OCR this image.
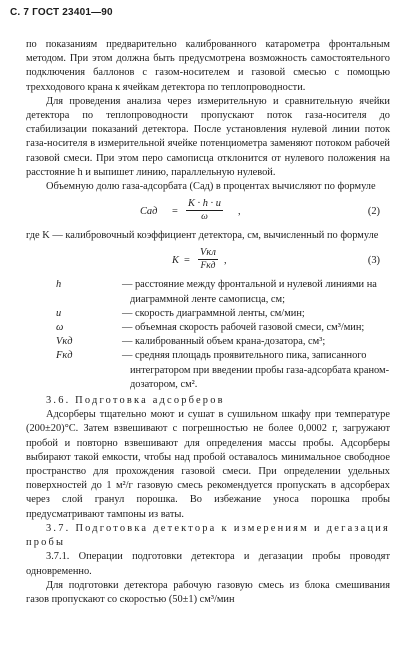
С. 7 ГОСТ 23401—90

по показаниям предварительно калиброванного катарометра фронтальным методом. При этом должна быть предусмотрена возможность самостоятельного подключения баллонов с газом-носителем и газовой смесью с помощью трехходового крана к ячейкам детектора по теплопроводности.

Для проведения анализа через измерительную и сравнительную ячейки детектора по теплопроводности пропускают поток газа-носителя до стабилизации показаний детектора. После установления нулевой линии поток газа-носителя в измерительной ячейке потенциометра заменяют потоком рабочей газовой смеси. При этом перо самописца отклонится от нулевого положения на расстояние h и выпишет линию, параллельную нулевой.

Объемную долю газа-адсорбата (Сад) в процентах вычисляют по формуле

Cад = $\frac{K \cdot h \cdot u}{\omega}$ ,	(2)

где K — калибровочный коэффициент детектора, см, вычисленный по формуле

K =
Vкл
Fкд ,	(3)
h	— расстояние между фронтальной и нулевой линиями на диаграммной ленте самописца, см;
u	— скорость диаграммной ленты, см/мин;
ω	— объемная скорость рабочей газовой смеси, см³/мин;
Vкд	— калиброванный объем крана-дозатора, см³;
Fкд	— средняя площадь проявительного пика, записанного интегратором при введении пробы газа-адсорбата краном-дозатором, см².

3.6. Подготовка адсорберов

Адсорберы тщательно моют и сушат в сушильном шкафу при температуре (200±20)°С. Затем взвешивают с погрешностью не более 0,0002 г, загружают пробой и повторно взвешивают для определения массы пробы. Адсорберы выбирают такой емкости, чтобы над пробой оставалось минимальное свободное пространство для прохождения газовой смеси. При определении удельных поверхностей до 1 м²/г газовую смесь рекомендуется пропускать в адсорберах через слой гранул порошка. Во избежание уноса порошка пробы предусматривают тампоны из ваты.

3.7. Подготовка детектора к измерениям и дегазация пробы

3.7.1. Операции подготовки детектора и дегазации пробы проводят одновременно.

Для подготовки детектора рабочую газовую смесь из блока смешивания газов пропускают со скоростью (50±1) см³/мин
